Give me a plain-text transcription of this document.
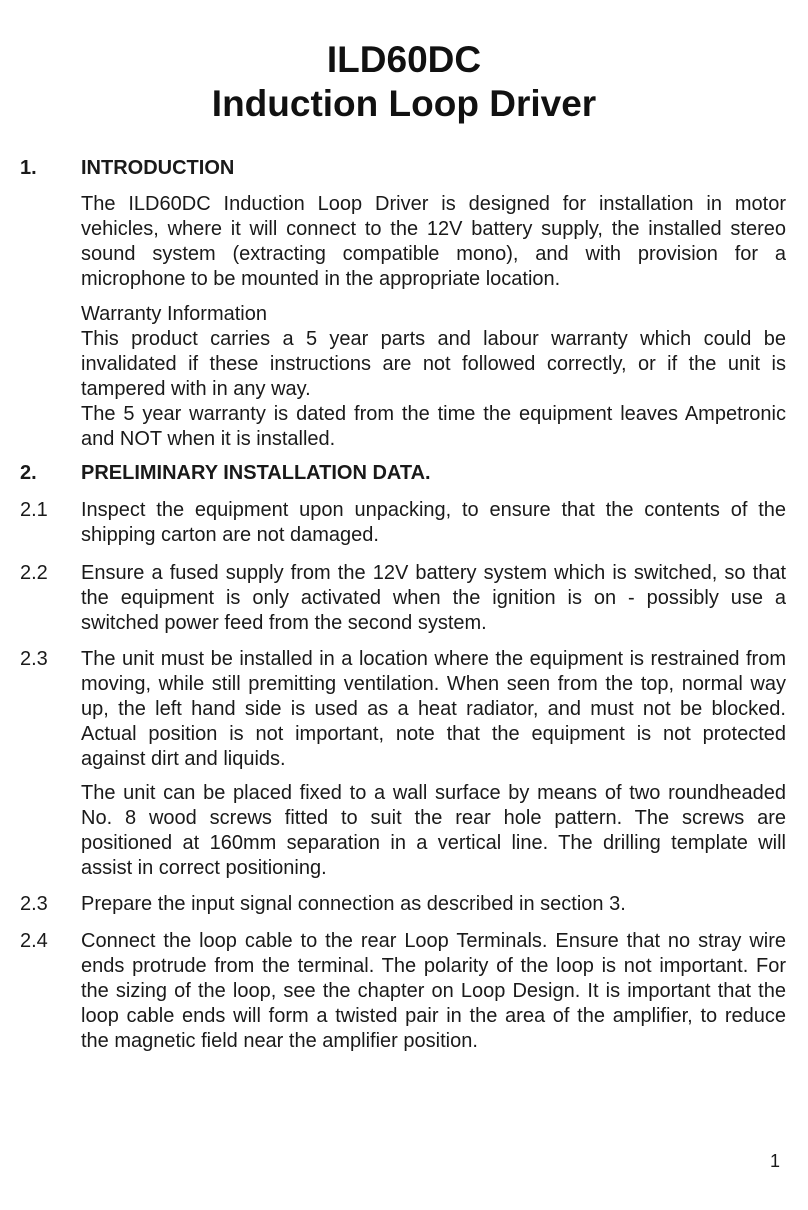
ILD60DC
Induction Loop Driver
1. INTRODUCTION

The ILD60DC Induction Loop Driver is designed for installation in motor vehicles, where it will connect to the 12V battery supply, the installed stereo sound system (extracting compatible mono), and with provision for a microphone to be mounted in the appropriate location.

Warranty Information

This product carries a 5 year parts and labour warranty which could be invalidated if these instructions are not followed correctly, or if the unit is tampered with in any way.

The 5 year warranty is dated from the time the equipment leaves Ampetronic and NOT when it is installed.

2. PRELIMINARY INSTALLATION DATA.
2.1 Inspect the equipment upon unpacking, to ensure that the contents of the shipping carton are not damaged.
2.2 Ensure a fused supply from the 12V battery system which is switched, so that the equipment is only activated when the ignition is on - possibly use a switched power feed from the second system.
2.3 The unit must be installed in a location where the equipment is restrained from moving, while still premitting ventilation. When seen from the top, normal way up, the left hand side is used as a heat radiator, and must not be blocked. Actual position is not important, note that the equipment is not protected against dirt and liquids.
The unit can be placed fixed to a wall surface by means of two roundheaded No. 8 wood screws fitted to suit the rear hole pattern. The screws are positioned at 160mm separation in a vertical line. The drilling template will assist in correct positioning.
2.3 Prepare the input signal connection as described in section 3.
2.4 Connect the loop cable to the rear Loop Terminals. Ensure that no stray wire ends protrude from the terminal. The polarity of the loop is not important. For the sizing of the loop, see the chapter on Loop Design. It is important that the loop cable ends will form a twisted pair in the area of the amplifier, to reduce the magnetic field near the amplifier position.
1
